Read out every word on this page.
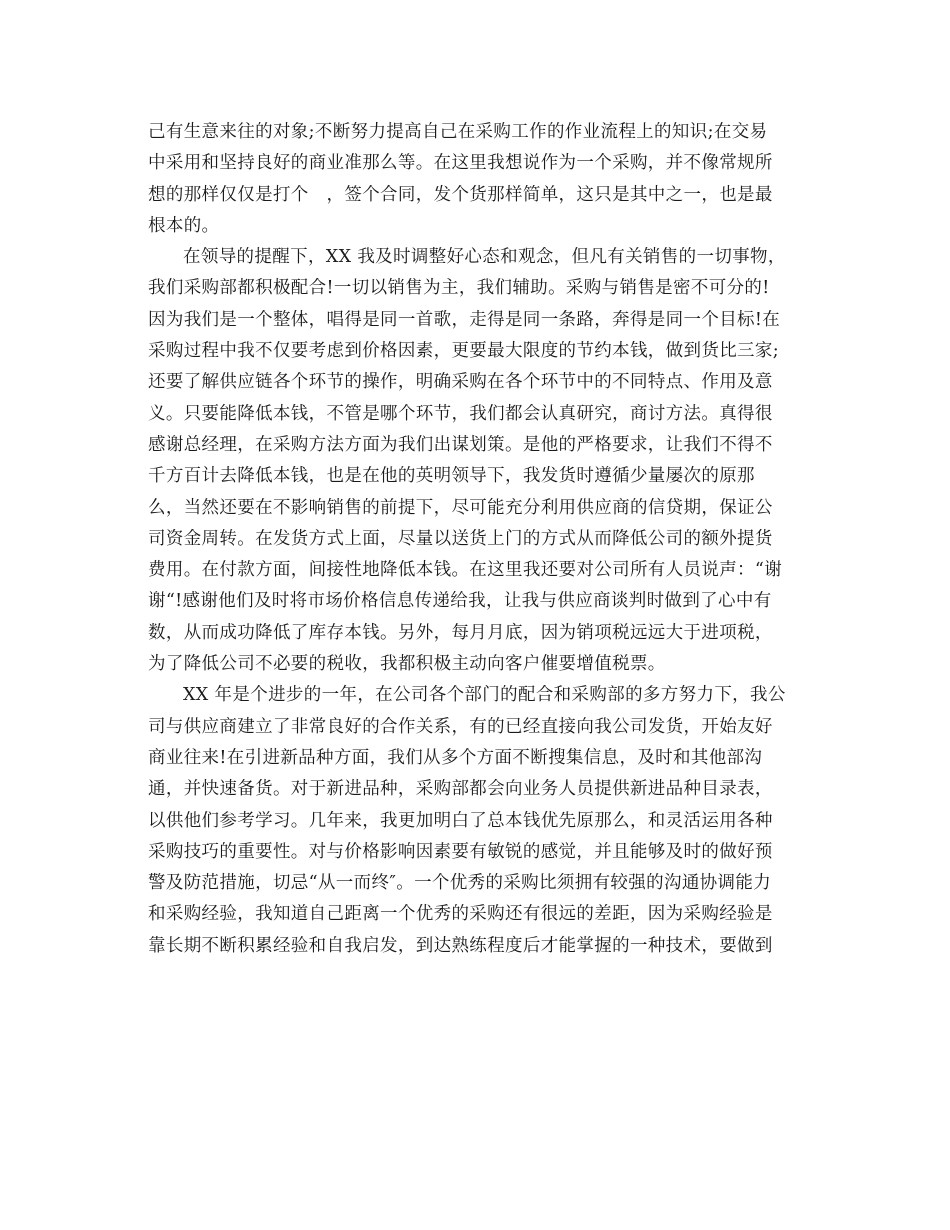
己有生意来往的对象;不断努力提高自己在采购工作的作业流程上的知识;在交易
中采用和坚持良好的商业准那么等。在这里我想说作为一个采购，并不像常规所
想的那样仅仅是打个　，签个合同，发个货那样简单，这只是其中之一，也是最
根本的。
在领导的提醒下，XX 我及时调整好心态和观念，但凡有关销售的一切事物，
我们采购部都积极配合!一切以销售为主，我们辅助。采购与销售是密不可分的!
因为我们是一个整体，唱得是同一首歌，走得是同一条路，奔得是同一个目标!在
采购过程中我不仅要考虑到价格因素，更要最大限度的节约本钱，做到货比三家;
还要了解供应链各个环节的操作，明确采购在各个环节中的不同特点、作用及意
义。只要能降低本钱，不管是哪个环节，我们都会认真研究，商讨方法。真得很
感谢总经理，在采购方法方面为我们出谋划策。是他的严格要求，让我们不得不
千方百计去降低本钱，也是在他的英明领导下，我发货时遵循少量屡次的原那
么，当然还要在不影响销售的前提下，尽可能充分利用供应商的信贷期，保证公
司资金周转。在发货方式上面，尽量以送货上门的方式从而降低公司的额外提货
费用。在付款方面，间接性地降低本钱。在这里我还要对公司所有人员说声：“谢
谢“!感谢他们及时将市场价格信息传递给我，让我与供应商谈判时做到了心中有
数，从而成功降低了库存本钱。另外，每月月底，因为销项税远远大于进项税，
为了降低公司不必要的税收，我都积极主动向客户催要增值税票。
XX 年是个进步的一年，在公司各个部门的配合和采购部的多方努力下，我公
司与供应商建立了非常良好的合作关系，有的已经直接向我公司发货，开始友好
商业往来!在引进新品种方面，我们从多个方面不断搜集信息，及时和其他部沟
通，并快速备货。对于新进品种，采购部都会向业务人员提供新进品种目录表，
以供他们参考学习。几年来，我更加明白了总本钱优先原那么，和灵活运用各种
采购技巧的重要性。对与价格影响因素要有敏锐的感觉，并且能够及时的做好预
警及防范措施，切忌“从一而终″。一个优秀的采购比须拥有较强的沟通协调能力
和采购经验，我知道自己距离一个优秀的采购还有很远的差距，因为采购经验是
靠长期不断积累经验和自我启发，到达熟练程度后才能掌握的一种技术，要做到
